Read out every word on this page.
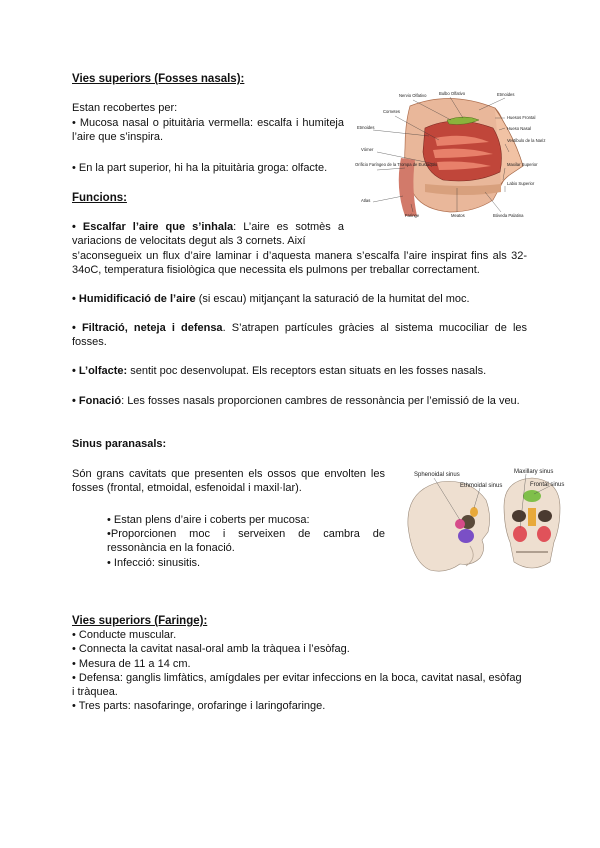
Vies superiors (Fosses nasals):

Estan recobertes per:

• Mucosa nasal o pituitària vermella: escalfa i humiteja l’aire que s’inspira.

• En la part superior, hi ha la pituitària groga: olfacte.

Nervio Olfativo	Bulbo Olfativo	Etmoides
Cornetes
Huesos Frontal
Hueso Nasal
Etmoides
Vestíbulo de la Nariz
Vómer
Orificio Faríngeo de la Trompa de Eustaquio	Maxilar Superior
Labio Superior
Atlas
Faringe	Meatos	Bóveda Palatina
Funcions:

• Escalfar l’aire que s’inhala: L’aire es sotmès a variacions de velocitats degut als 3 cornets. Així

s’aconsegueix un flux d’aire laminar i d’aquesta manera s’escalfa l’aire inspirat fins als 32-34oC, temperatura fisiològica que necessita els pulmons per treballar correctament.

• Humidificació de l’aire (si escau) mitjançant la saturació de la humitat del moc.

• Filtració, neteja i defensa. S’atrapen partícules gràcies al sistema mucociliar de les fosses.

• L’olfacte: sentit poc desenvolupat. Els receptors estan situats en les fosses nasals.

• Fonació: Les fosses nasals proporcionen cambres de ressonància per l’emissió de la veu.

Sinus paranasals:

Són grans cavitats que presenten els ossos que envolten les fosses (frontal, etmoidal, esfenoidal i maxil·lar).

• Estan plens d’aire i coberts per mucosa:

•Proporcionen moc i serveixen de cambra de ressonància en la fonació.

• Infecció: sinusitis.

Sphenoidal sinus
Ethmoidal sinus
Maxillary sinus
Frontal sinus
Vies superiors (Faringe):

• Conducte muscular.

• Connecta la cavitat nasal-oral amb la tràquea i l’esòfag.

• Mesura de 11 a 14 cm.

• Defensa: ganglis limfàtics, amígdales per evitar infeccions en la boca, cavitat nasal, esòfag i tràquea.

• Tres parts: nasofaringe, orofaringe i laringofaringe.
